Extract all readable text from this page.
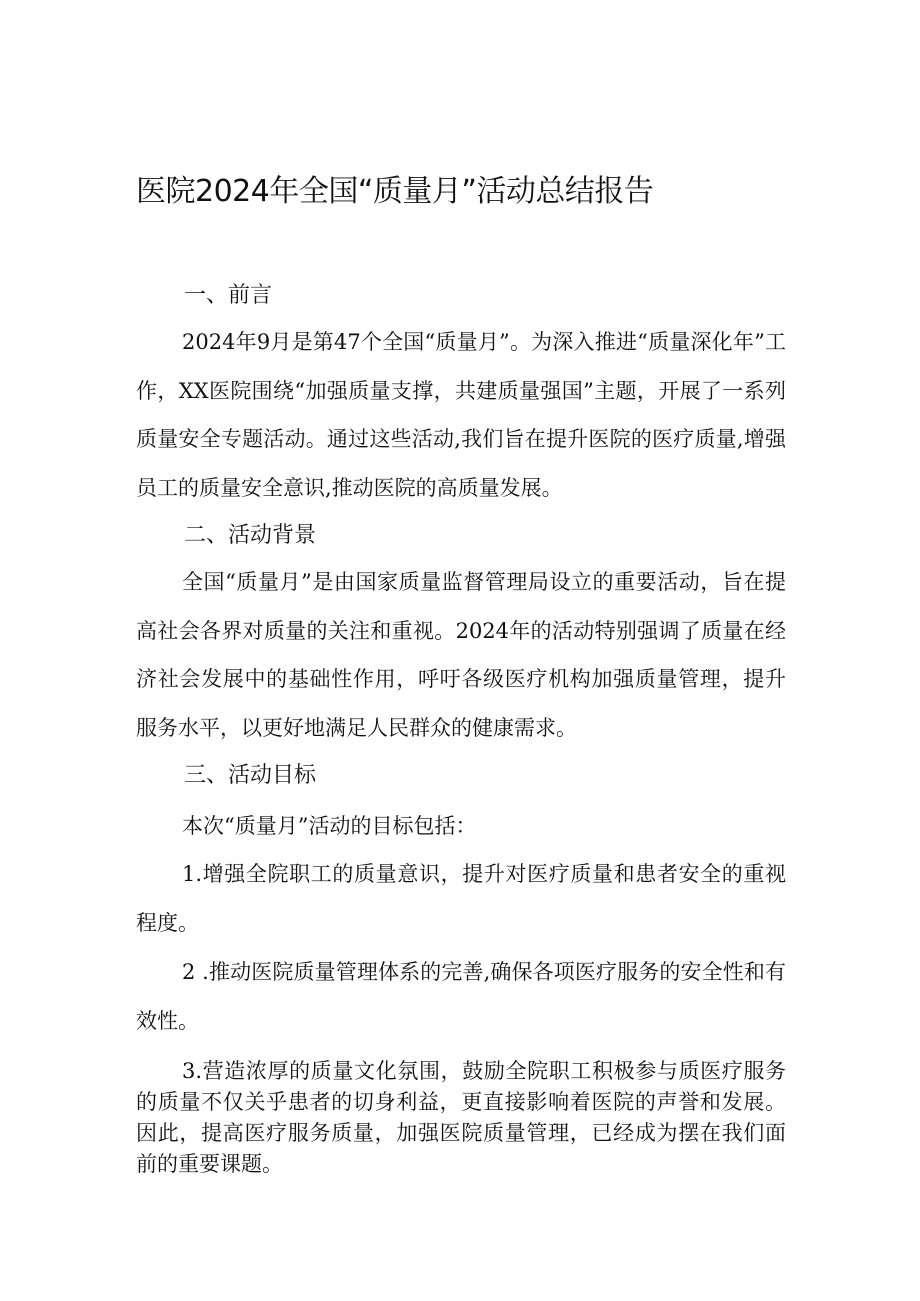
医院2024年全国“质量月”活动总结报告
一、前言

2024年9月是第47个全国“质量月”。为深入推进“质量深化年”工作，XX医院围绕“加强质量支撑，共建质量强国”主题，开展了一系列质量安全专题活动。通过这些活动,我们旨在提升医院的医疗质量,增强员工的质量安全意识,推动医院的高质量发展。

二、活动背景

全国“质量月”是由国家质量监督管理局设立的重要活动，旨在提高社会各界对质量的关注和重视。2024年的活动特别强调了质量在经济社会发展中的基础性作用，呼吁各级医疗机构加强质量管理，提升服务水平，以更好地满足人民群众的健康需求。

三、活动目标

本次“质量月”活动的目标包括：

1.增强全院职工的质量意识，提升对医疗质量和患者安全的重视程度。

2 .推动医院质量管理体系的完善,确保各项医疗服务的安全性和有效性。

3.营造浓厚的质量文化氛围，鼓励全院职工积极参与质医疗服务的质量不仅关乎患者的切身利益，更直接影响着医院的声誉和发展。因此，提高医疗服务质量，加强医院质量管理，已经成为摆在我们面前的重要课题。
